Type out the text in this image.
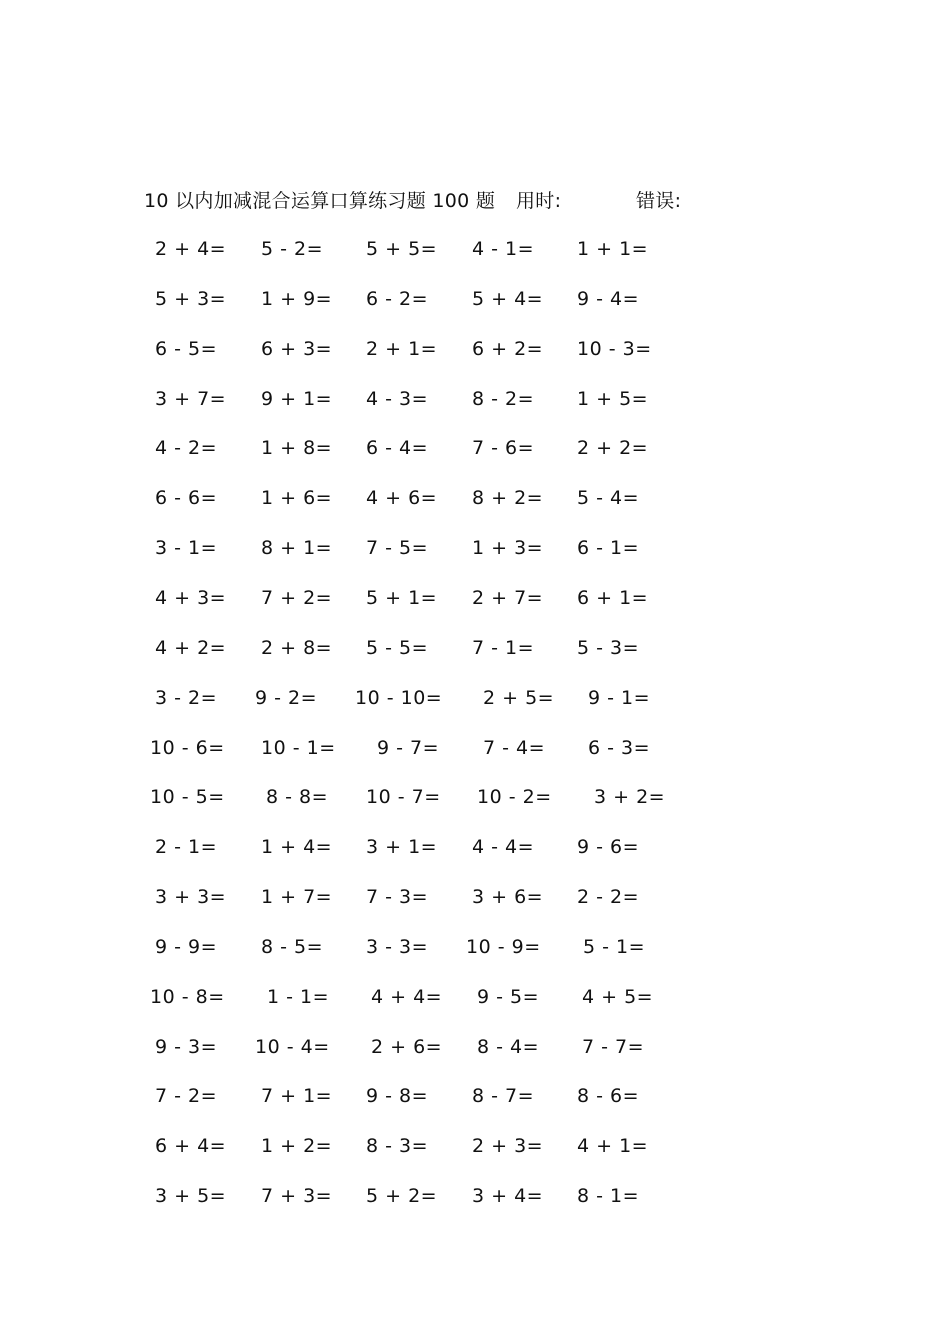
10 以内加减混合运算口算练习题 100 题 用时:	错误:
2 + 4= 5 - 2= 5 + 5= 4 - 1= 1 + 1=
5 + 3= 1 + 9= 6 - 2= 5 + 4= 9 - 4=
6 - 5= 6 + 3= 2 + 1= 6 + 2= 10 - 3=
3 + 7= 9 + 1= 4 - 3= 8 - 2= 1 + 5=
4 - 2= 1 + 8= 6 - 4= 7 - 6= 2 + 2=
6 - 6= 1 + 6= 4 + 6= 8 + 2= 5 - 4=
3 - 1= 8 + 1= 7 - 5= 1 + 3= 6 - 1=
4 + 3= 7 + 2= 5 + 1= 2 + 7= 6 + 1=
4 + 2= 2 + 8= 5 - 5= 7 - 1= 5 - 3=
3 - 2= 9 - 2= 10 - 10= 2 + 5= 9 - 1=
10 - 6= 10 - 1= 9 - 7= 7 - 4= 6 - 3=
10 - 5= 8 - 8= 10 - 7= 10 - 2= 3 + 2=
2 - 1= 1 + 4= 3 + 1= 4 - 4= 9 - 6=
3 + 3= 1 + 7= 7 - 3= 3 + 6= 2 - 2=
9 - 9= 8 - 5= 3 - 3= 10 - 9= 5 - 1=
10 - 8= 1 - 1= 4 + 4= 9 - 5= 4 + 5=
9 - 3= 10 - 4= 2 + 6= 8 - 4= 7 - 7=
7 - 2= 7 + 1= 9 - 8= 8 - 7= 8 - 6=
6 + 4= 1 + 2= 8 - 3= 2 + 3= 4 + 1=
3 + 5= 7 + 3= 5 + 2= 3 + 4= 8 - 1=
